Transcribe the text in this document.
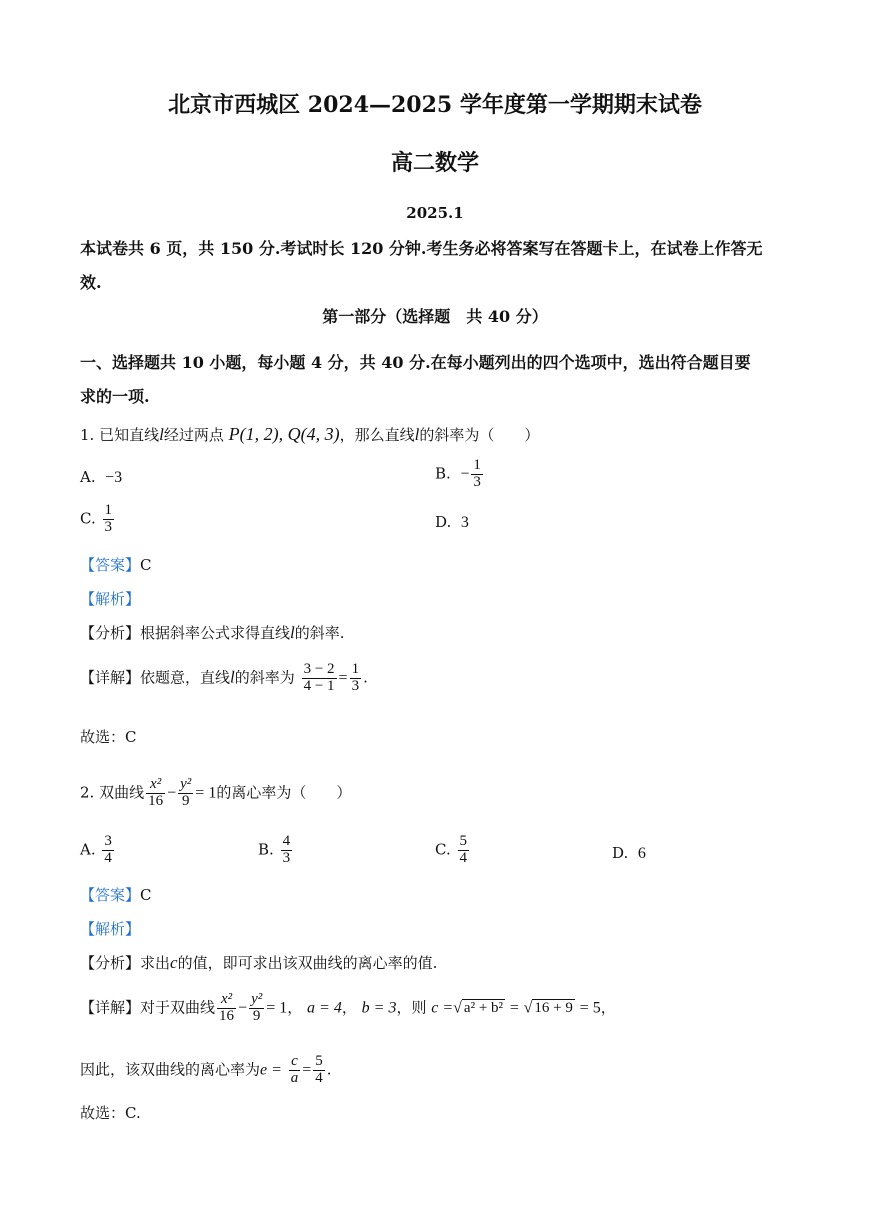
北京市西城区 2024—2025 学年度第一学期期末试卷
高二数学
2025.1
本试卷共 6 页，共 150 分.考试时长 120 分钟.考生务必将答案写在答题卡上，在试卷上作答无
效.
第一部分（选择题　共 40 分）
一、选择题共 10 小题，每小题 4 分，共 40 分.在每小题列出的四个选项中，选出符合题目要
求的一项.
1. 已知直线l经过两点 P(1, 2), Q(4, 3)，那么直线l的斜率为（　　）
A. −3	B. − $\frac{1}{3}$
C. $\frac{1}{3}$	D. 3
【答案】C
【解析】
【分析】根据斜率公式求得直线l的斜率.
【详解】依题意，直线l的斜率为 $\frac{3 - 2}{4 - 1} = \frac{1}{3}$ .
故选：C
2. 双曲线 $\frac{\text{x²}}{16} - \frac{\text{y²}}{9} = 1$的离心率为（　　）
A. $\frac{3}{4}$	B. $\frac{4}{3}$	C. $\frac{5}{4}$	D. 6
【答案】C
【解析】
【分析】求出c的值，即可求出该双曲线的离心率的值.
【详解】对于双曲线 $\frac{\text{x²}}{16} - \frac{\text{y²}}{9} = 1$， a = 4， b = 3，则 c =√ a² + b² = √ 16 + 9 = 5，
因此，该双曲线的离心率为$e = \frac{c}{a} = \frac{5}{4}$ .
故选：C.
